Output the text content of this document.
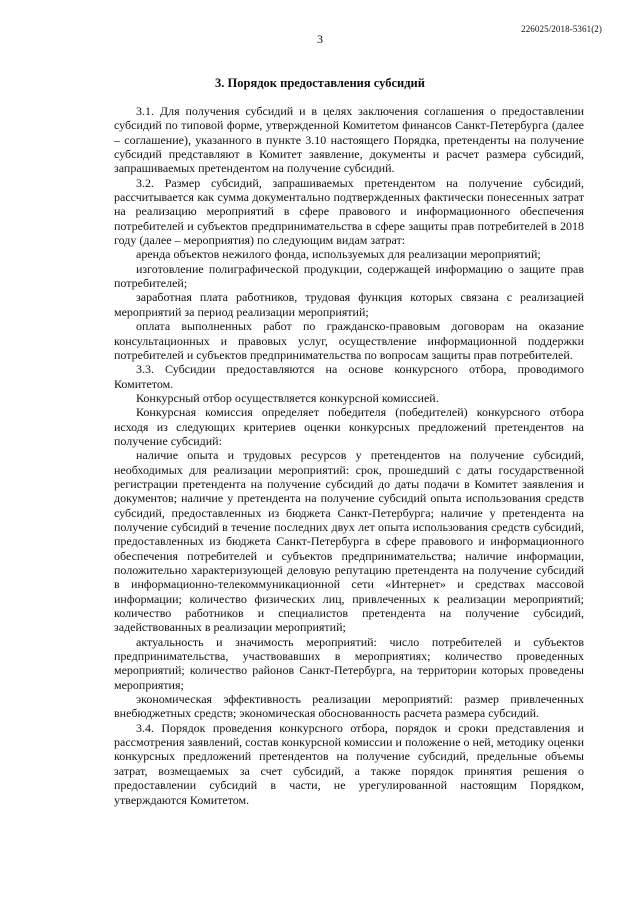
3
226025/2018-5361(2)
3. Порядок предоставления субсидий

3.1. Для получения субсидий и в целях заключения соглашения о предоставлении субсидий по типовой форме, утвержденной Комитетом финансов Санкт-Петербурга (далее – соглашение), указанного в пункте 3.10 настоящего Порядка, претенденты на получение субсидий представляют в Комитет заявление, документы и расчет размера субсидий, запрашиваемых претендентом на получение субсидий.

3.2. Размер субсидий, запрашиваемых претендентом на получение субсидий, рассчитывается как сумма документально подтвержденных фактически понесенных затрат на реализацию мероприятий в сфере правового и информационного обеспечения потребителей и субъектов предпринимательства в сфере защиты прав потребителей в 2018 году (далее – мероприятия) по следующим видам затрат:

аренда объектов нежилого фонда, используемых для реализации мероприятий;

изготовление полиграфической продукции, содержащей информацию о защите прав потребителей;

заработная плата работников, трудовая функция которых связана с реализацией мероприятий за период реализации мероприятий;

оплата выполненных работ по гражданско-правовым договорам на оказание консультационных и правовых услуг, осуществление информационной поддержки потребителей и субъектов предпринимательства по вопросам защиты прав потребителей.

3.3. Субсидии предоставляются на основе конкурсного отбора, проводимого Комитетом.

Конкурсный отбор осуществляется конкурсной комиссией.

Конкурсная комиссия определяет победителя (победителей) конкурсного отбора исходя из следующих критериев оценки конкурсных предложений претендентов на получение субсидий:

наличие опыта и трудовых ресурсов у претендентов на получение субсидий, необходимых для реализации мероприятий: срок, прошедший с даты государственной регистрации претендента на получение субсидий до даты подачи в Комитет заявления и документов; наличие у претендента на получение субсидий опыта использования средств субсидий, предоставленных из бюджета Санкт-Петербурга; наличие у претендента на получение субсидий в течение последних двух лет опыта использования средств субсидий, предоставленных из бюджета Санкт-Петербурга в сфере правового и информационного обеспечения потребителей и субъектов предпринимательства; наличие информации, положительно характеризующей деловую репутацию претендента на получение субсидий в информационно-телекоммуникационной сети «Интернет» и средствах массовой информации; количество физических лиц, привлеченных к реализации мероприятий; количество работников и специалистов претендента на получение субсидий, задействованных в реализации мероприятий;

актуальность и значимость мероприятий: число потребителей и субъектов предпринимательства, участвовавших в мероприятиях; количество проведенных мероприятий; количество районов Санкт-Петербурга, на территории которых проведены мероприятия;

экономическая эффективность реализации мероприятий: размер привлеченных внебюджетных средств; экономическая обоснованность расчета размера субсидий.

3.4. Порядок проведения конкурсного отбора, порядок и сроки представления и рассмотрения заявлений, состав конкурсной комиссии и положение о ней, методику оценки конкурсных предложений претендентов на получение субсидий, предельные объемы затрат, возмещаемых за счет субсидий, а также порядок принятия решения о предоставлении субсидий в части, не урегулированной настоящим Порядком, утверждаются Комитетом.
